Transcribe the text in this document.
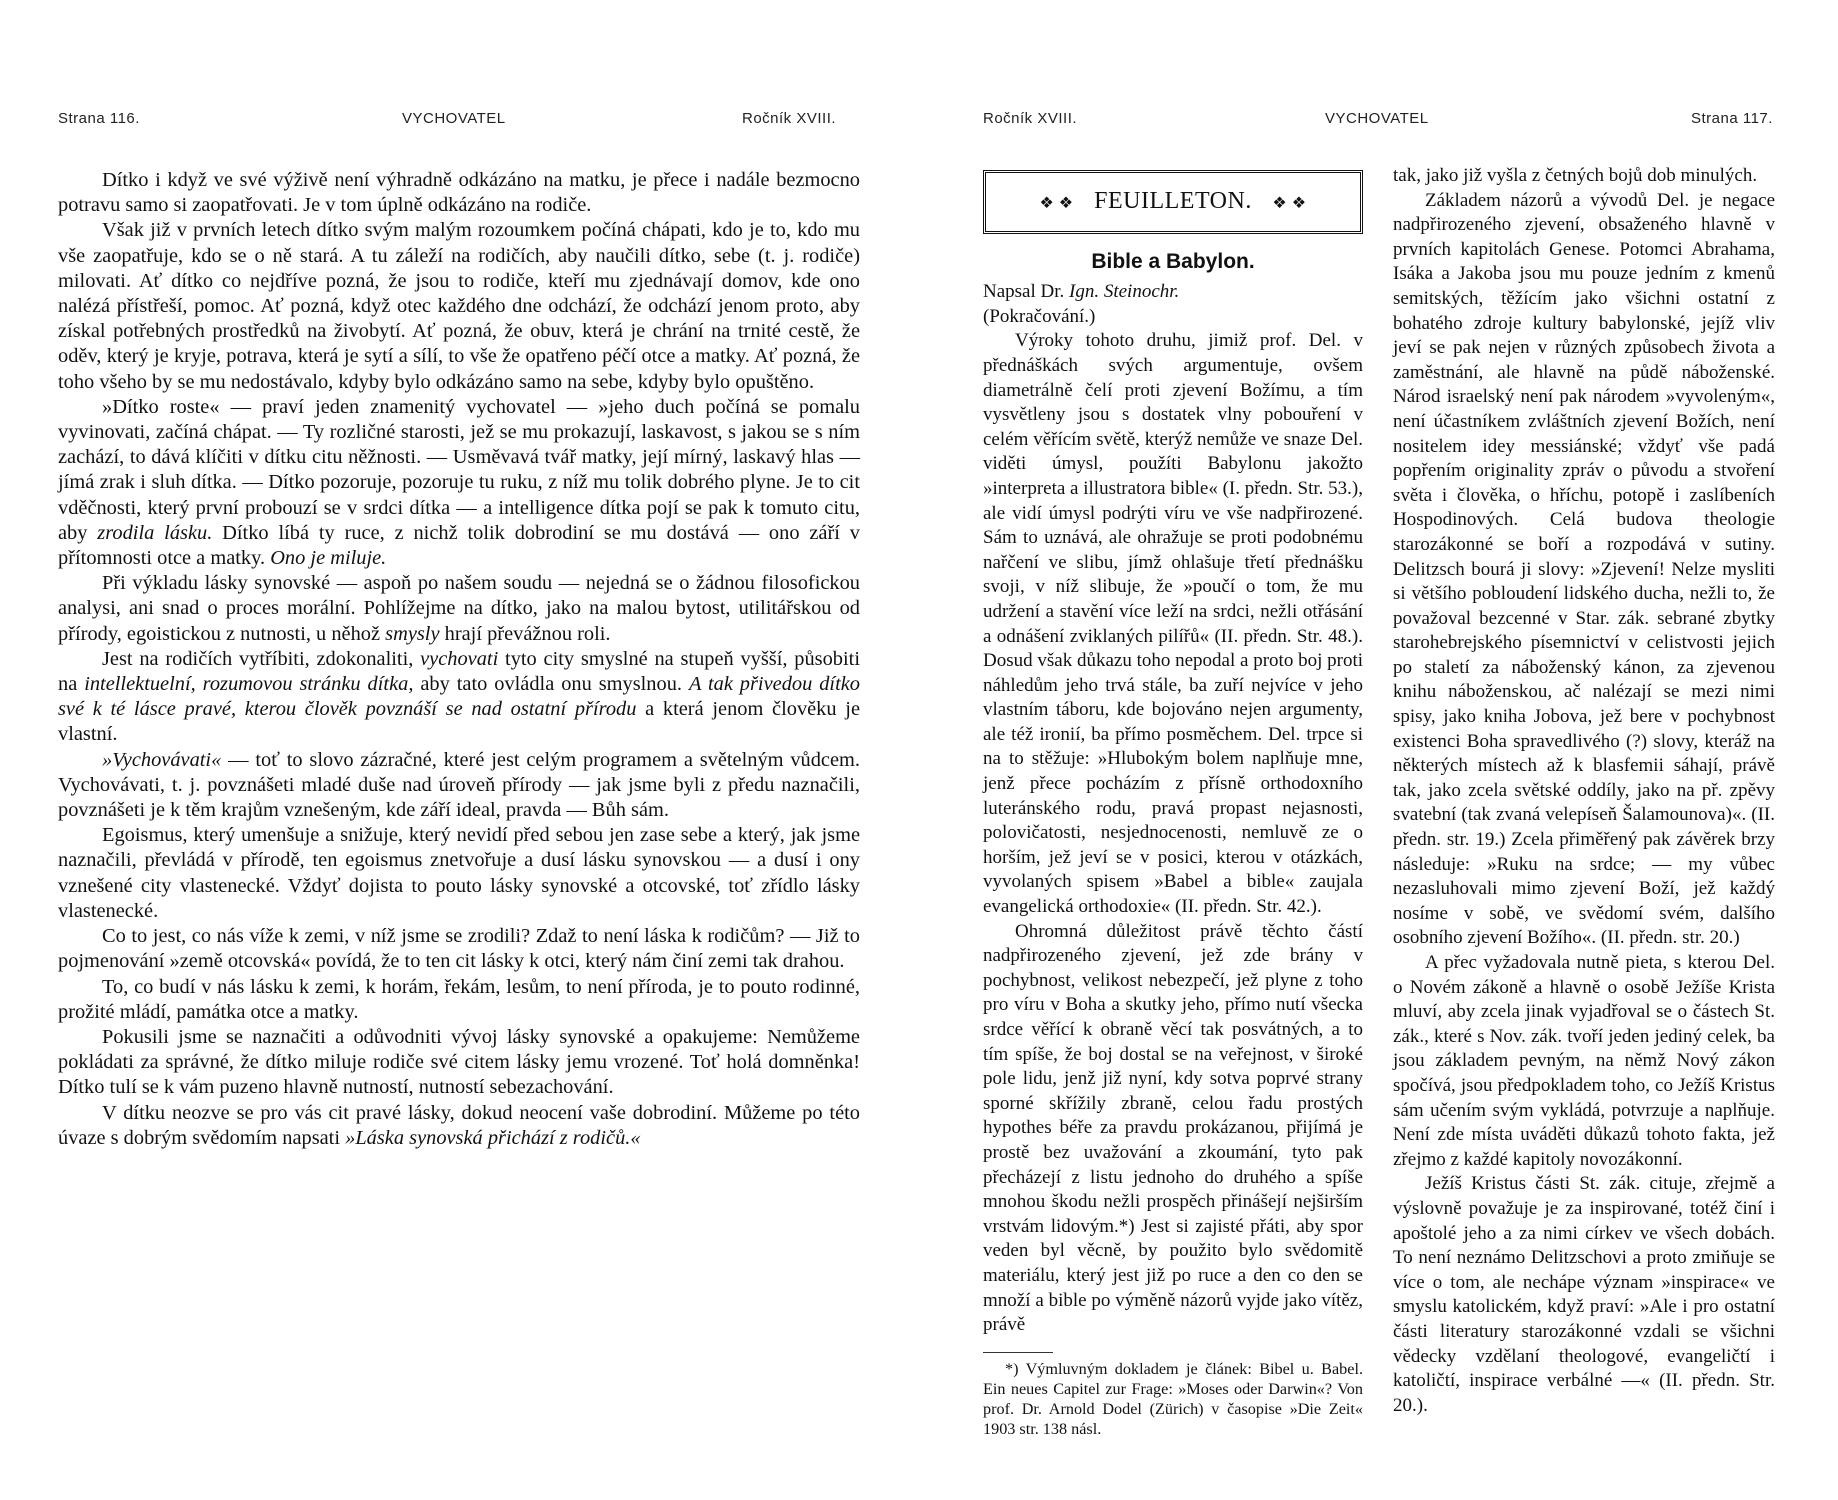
Strana 116.	VYCHOVATEL	Ročník XVIII.

Dítko i když ve své výživě není výhradně odkázáno na matku, je přece i nadále bezmocno potravu samo si zaopatřovati. Je v tom úplně odkázáno na rodiče.

Však již v prvních letech dítko svým malým rozoumkem počíná chápati, kdo je to, kdo mu vše zaopatřuje, kdo se o ně stará. A tu záleží na rodičích, aby naučili dítko, sebe (t. j. rodiče) milovati. Ať dítko co nejdříve pozná, že jsou to rodiče, kteří mu zjednávají domov, kde ono nalézá přístřeší, pomoc. Ať pozná, když otec každého dne odchází, že odchází jenom proto, aby získal potřebných prostředků na živobytí. Ať pozná, že obuv, která je chrání na trnité cestě, že oděv, který je kryje, potrava, která je sytí a sílí, to vše že opatřeno péčí otce a matky. Ať pozná, že toho všeho by se mu nedostávalo, kdyby bylo odkázáno samo na sebe, kdyby bylo opuštěno.

»Dítko roste« — praví jeden znamenitý vychovatel — »jeho duch počíná se pomalu vyvinovati, začíná chápat. — Ty rozličné starosti, jež se mu prokazují, laskavost, s jakou se s ním zachází, to dává klíčiti v dítku citu něžnosti. — Usměvavá tvář matky, její mírný, laskavý hlas — jímá zrak i sluh dítka. — Dítko pozoruje, pozoruje tu ruku, z níž mu tolik dobrého plyne. Je to cit vděčnosti, který první probouzí se v srdci dítka — a intelligence dítka pojí se pak k tomuto citu, aby zrodila lásku. Dítko líbá ty ruce, z nichž tolik dobrodiní se mu dostává — ono září v přítomnosti otce a matky. Ono je miluje.

Při výkladu lásky synovské — aspoň po našem soudu — nejedná se o žádnou filosofickou analysi, ani snad o proces morální. Pohlížejme na dítko, jako na malou bytost, utilitářskou od přírody, egoistickou z nutnosti, u něhož smysly hrají převážnou roli.

Jest na rodičích vytříbiti, zdokonaliti, vychovati tyto city smyslné na stupeň vyšší, působiti na intellektuelní, rozumovou stránku dítka, aby tato ovládla onu smyslnou. A tak přivedou dítko své k té lásce pravé, kterou člověk povznáší se nad ostatní přírodu a která jenom člověku je vlastní.

»Vychovávati« — toť to slovo zázračné, které jest celým programem a světelným vůdcem. Vychovávati, t. j. povznášeti mladé duše nad úroveň přírody — jak jsme byli z předu naznačili, povznášeti je k těm krajům vznešeným, kde září ideal, pravda — Bůh sám.

Egoismus, který umenšuje a snižuje, který nevidí před sebou jen zase sebe a který, jak jsme naznačili, převládá v přírodě, ten egoismus znetvořuje a dusí lásku synovskou — a dusí i ony vznešené city vlastenecké. Vždyť dojista to pouto lásky synovské a otcovské, toť zřídlo lásky vlastenecké.

Co to jest, co nás víže k zemi, v níž jsme se zrodili? Zdaž to není láska k rodičům? — Již to pojmenování »země otcovská« povídá, že to ten cit lásky k otci, který nám činí zemi tak drahou.

To, co budí v nás lásku k zemi, k horám, řekám, lesům, to není příroda, je to pouto rodinné, prožité mládí, památka otce a matky.

Pokusili jsme se naznačiti a odůvodniti vývoj lásky synovské a opakujeme: Nemůžeme pokládati za správné, že dítko miluje rodiče své citem lásky jemu vrozené. Toť holá domněnka! Dítko tulí se k vám puzeno hlavně nutností, nutností sebezachování.

V dítku neozve se pro vás cit pravé lásky, dokud neocení vaše dobrodiní. Můžeme po této úvaze s dobrým svědomím napsati »Láska synovská přichází z rodičů.«

Ročník XVIII.	VYCHOVATEL	Strana 117.
❖ ❖ FEUILLETON. ❖ ❖
Bible a Babylon.

Napsal Dr. Ign. Steinochr.

(Pokračování.)

Výroky tohoto druhu, jimiž prof. Del. v přednáškách svých argumentuje, ovšem diametrálně čelí proti zjevení Božímu, a tím vysvětleny jsou s dostatek vlny pobouření v celém věřícím světě, kterýž nemůže ve snaze Del. viděti úmysl, použíti Babylonu jakožto »interpreta a illustratora bible« (I. předn. Str. 53.), ale vidí úmysl podrýti víru ve vše nadpřirozené. Sám to uznává, ale ohražuje se proti podobnému nařčení ve slibu, jímž ohlašuje třetí přednášku svoji, v níž slibuje, že »poučí o tom, že mu udržení a stavění více leží na srdci, nežli otřásání a odnášení zviklaných pilířů« (II. předn. Str. 48.). Dosud však důkazu toho nepodal a proto boj proti náhledům jeho trvá stále, ba zuří nejvíce v jeho vlastním táboru, kde bojováno nejen argumenty, ale též ironií, ba přímo posměchem. Del. trpce si na to stěžuje: »Hlubokým bolem naplňuje mne, jenž přece pocházím z přísně orthodoxního luteránského rodu, pravá propast nejasnosti, polovičatosti, nesjednocenosti, nemluvě ze o horším, jež jeví se v posici, kterou v otázkách, vyvolaných spisem »Babel a bible« zaujala evangelická orthodoxie« (II. předn. Str. 42.).

Ohromná důležitost právě těchto částí nadpřirozeného zjevení, jež zde brány v pochybnost, velikost nebezpečí, jež plyne z toho pro víru v Boha a skutky jeho, přímo nutí všecka srdce věřící k obraně věcí tak posvátných, a to tím spíše, že boj dostal se na veřejnost, v široké pole lidu, jenž již nyní, kdy sotva poprvé strany sporné skřížily zbraně, celou řadu prostých hypothes béře za pravdu prokázanou, přijímá je prostě bez uvažování a zkoumání, tyto pak přecházejí z listu jednoho do druhého a spíše mnohou škodu nežli prospěch přinášejí nejširším vrstvám lidovým.*) Jest si zajisté přáti, aby spor veden byl věcně, by použito bylo svědomitě materiálu, který jest již po ruce a den co den se množí a bible po výměně názorů vyjde jako vítěz, právě

*) Výmluvným dokladem je článek: Bibel u. Babel. Ein neues Capitel zur Frage: »Moses oder Darwin«? Von prof. Dr. Arnold Dodel (Zürich) v časopise »Die Zeit« 1903 str. 138 násl.

tak, jako již vyšla z četných bojů dob minulých.

Základem názorů a vývodů Del. je negace nadpřirozeného zjevení, obsaženého hlavně v prvních kapitolách Genese. Potomci Abrahama, Isáka a Jakoba jsou mu pouze jedním z kmenů semitských, těžícím jako všichni ostatní z bohatého zdroje kultury babylonské, jejíž vliv jeví se pak nejen v různých způsobech života a zaměstnání, ale hlavně na půdě náboženské. Národ israelský není pak národem »vyvoleným«, není účastníkem zvláštních zjevení Božích, není nositelem idey messiánské; vždyť vše padá popřením originality zpráv o původu a stvoření světa i člověka, o hříchu, potopě i zaslíbeních Hospodinových. Celá budova theologie starozákonné se boří a rozpodává v sutiny. Delitzsch bourá ji slovy: »Zjevení! Nelze mysliti si většího pobloudení lidského ducha, nežli to, že považoval bezcenné v Star. zák. sebrané zbytky starohebrejského písemnictví v celistvosti jejich po staletí za náboženský kánon, za zjevenou knihu náboženskou, ač nalézají se mezi nimi spisy, jako kniha Jobova, jež bere v pochybnost existenci Boha spravedlivého (?) slovy, kteráž na některých místech až k blasfemii sáhají, právě tak, jako zcela světské oddíly, jako na př. zpěvy svatební (tak zvaná velepíseň Šalamounova)«. (II. předn. str. 19.) Zcela přiměřený pak závěrek brzy následuje: »Ruku na srdce; — my vůbec nezasluhovali mimo zjevení Boží, jež každý nosíme v sobě, ve svědomí svém, dalšího osobního zjevení Božího«. (II. předn. str. 20.)

A přec vyžadovala nutně pieta, s kterou Del. o Novém zákoně a hlavně o osobě Ježíše Krista mluví, aby zcela jinak vyjadřoval se o částech St. zák., které s Nov. zák. tvoří jeden jediný celek, ba jsou základem pevným, na němž Nový zákon spočívá, jsou předpokladem toho, co Ježíš Kristus sám učením svým vykládá, potvrzuje a naplňuje. Není zde místa uváděti důkazů tohoto fakta, jež zřejmo z každé kapitoly novozákonní.

Ježíš Kristus části St. zák. cituje, zřejmě a výslovně považuje je za inspirované, totéž činí i apoštolé jeho a za nimi církev ve všech dobách. To není neznámo Delitzschovi a proto zmiňuje se více o tom, ale nechápe význam »inspirace« ve smyslu katolickém, když praví: »Ale i pro ostatní části literatury starozákonné vzdali se všichni vědecky vzdělaní theologové, evangeličtí i katoličtí, inspirace verbálné —« (II. předn. Str. 20.).
